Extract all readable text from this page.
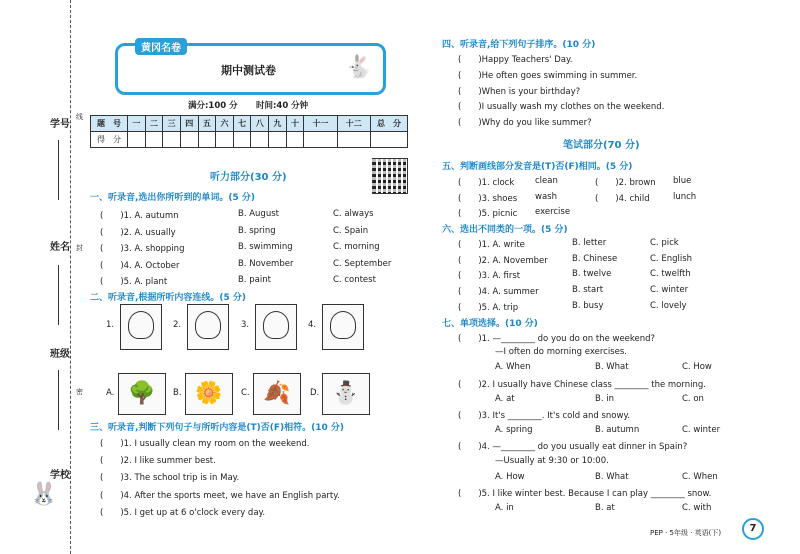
学号
姓名
班级
学校
线
封
密
🐰
黄冈名卷
期中测试卷	🐇
满分:100 分 时间:40 分钟
题　号	一	二	三	四	五	六	七	八	九	十	十一	十二	总　分
得　分													
听力部分(30 分)
一、听录音,选出你所听到的单词。(5 分)
(　　)1. A. autumn	B. August	C. always
(　　)2. A. usually	B. spring	C. Spain
(　　)3. A. shopping	B. swimming	C. morning
(　　)4. A. October	B. November	C. September
(　　)5. A. plant	B. paint	C. contest
二、听录音,根据所听内容连线。(5 分)
1.	2.	3.	4.
A. 🌳	B. 🌼	C. 🍂	D. ⛄
三、听录音,判断下列句子与所听内容是(T)否(F)相符。(10 分)
(　　)1. I usually clean my room on the weekend.
(　　)2. I like summer best.
(　　)3. The school trip is in May.
(　　)4. After the sports meet, we have an English party.
(　　)5. I get up at 6 o'clock every day.
四、听录音,给下列句子排序。(10 分)
(　　)Happy Teachers' Day.
(　　)He often goes swimming in summer.
(　　)When is your birthday?
(　　)I usually wash my clothes on the weekend.
(　　)Why do you like summer?
笔试部分(70 分)
五、判断画线部分发音是(T)否(F)相同。(5 分)
(　　)1. clock clean	(　　)2. brown blue
(　　)3. shoes wash	(　　)4. child	lunch
(　　)5. picnic exercise
六、选出不同类的一项。(5 分)
(　　)1. A. write	B. letter	C. pick
(　　)2. A. November	B. Chinese	C. English
(　　)3. A. first	B. twelve	C. twelfth
(　　)4. A. summer	B. start	C. winter
(　　)5. A. trip	B. busy	C. lovely
七、单项选择。(10 分)
(　　)1. —________ do you do on the weekend?
—I often do morning exercises.
A. When	B. What	C. How
(　　)2. I usually have Chinese class ________ the morning.
A. at	B. in	C. on
(　　)3. It's ________. It's cold and snowy.
A. spring	B. autumn	C. winter
(　　)4. —________ do you usually eat dinner in Spain?
—Usually at 9:30 or 10:00.
A. How	B. What	C. When
(　　)5. I like winter best. Because I can play ________ snow.
A. in	B. at	C. with
PEP · 5年级 · 英语(下)	7
